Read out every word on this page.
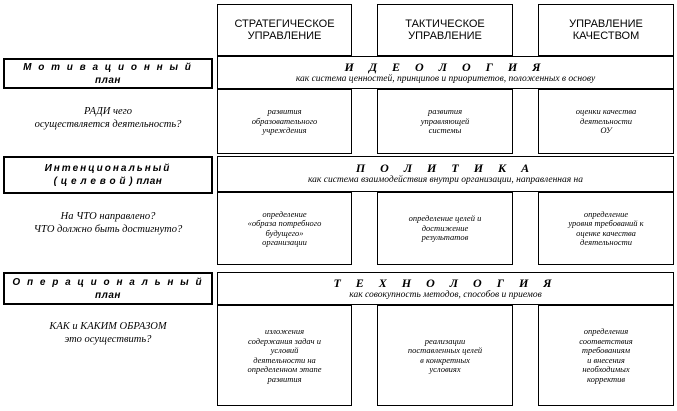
СТРАТЕГИЧЕСКОЕ
УПРАВЛЕНИЕ
ТАКТИЧЕСКОЕ
УПРАВЛЕНИЕ
УПРАВЛЕНИЕ
КАЧЕСТВОМ
М о т и в а ц и о н н ы й
план
РАДИ чего
осуществляется деятельность?
И Д Е О Л О Г И Я
как система ценностей, принципов и приоритетов, положенных в основу
развития
образовательного
учреждения
развития
управляющей
системы
оценки качества
деятельности
ОУ
Интенциональный
( ц е л е в о й ) план
На ЧТО направлено?
ЧТО должно быть достигнуто?
П О Л И Т И К А
как система взаимодействия внутри организации, направленная на
определение
«образа потребного
будущего»
организации
определение целей и
достижение
результатов
определение
уровня требований к
оценке качества
деятельности
О п е р а ц и о н а л ь н ы й
план
КАК и КАКИМ ОБРАЗОМ
это осуществить?
Т Е Х Н О Л О Г И Я
как совокупность методов, способов и приемов
изложения
содержания задач и
условий
деятельности на
определенном этапе
развития
реализации
поставленных целей
в конкретных
условиях
определения
соответствия
требованиям
и внесения
необходимых
корректив
